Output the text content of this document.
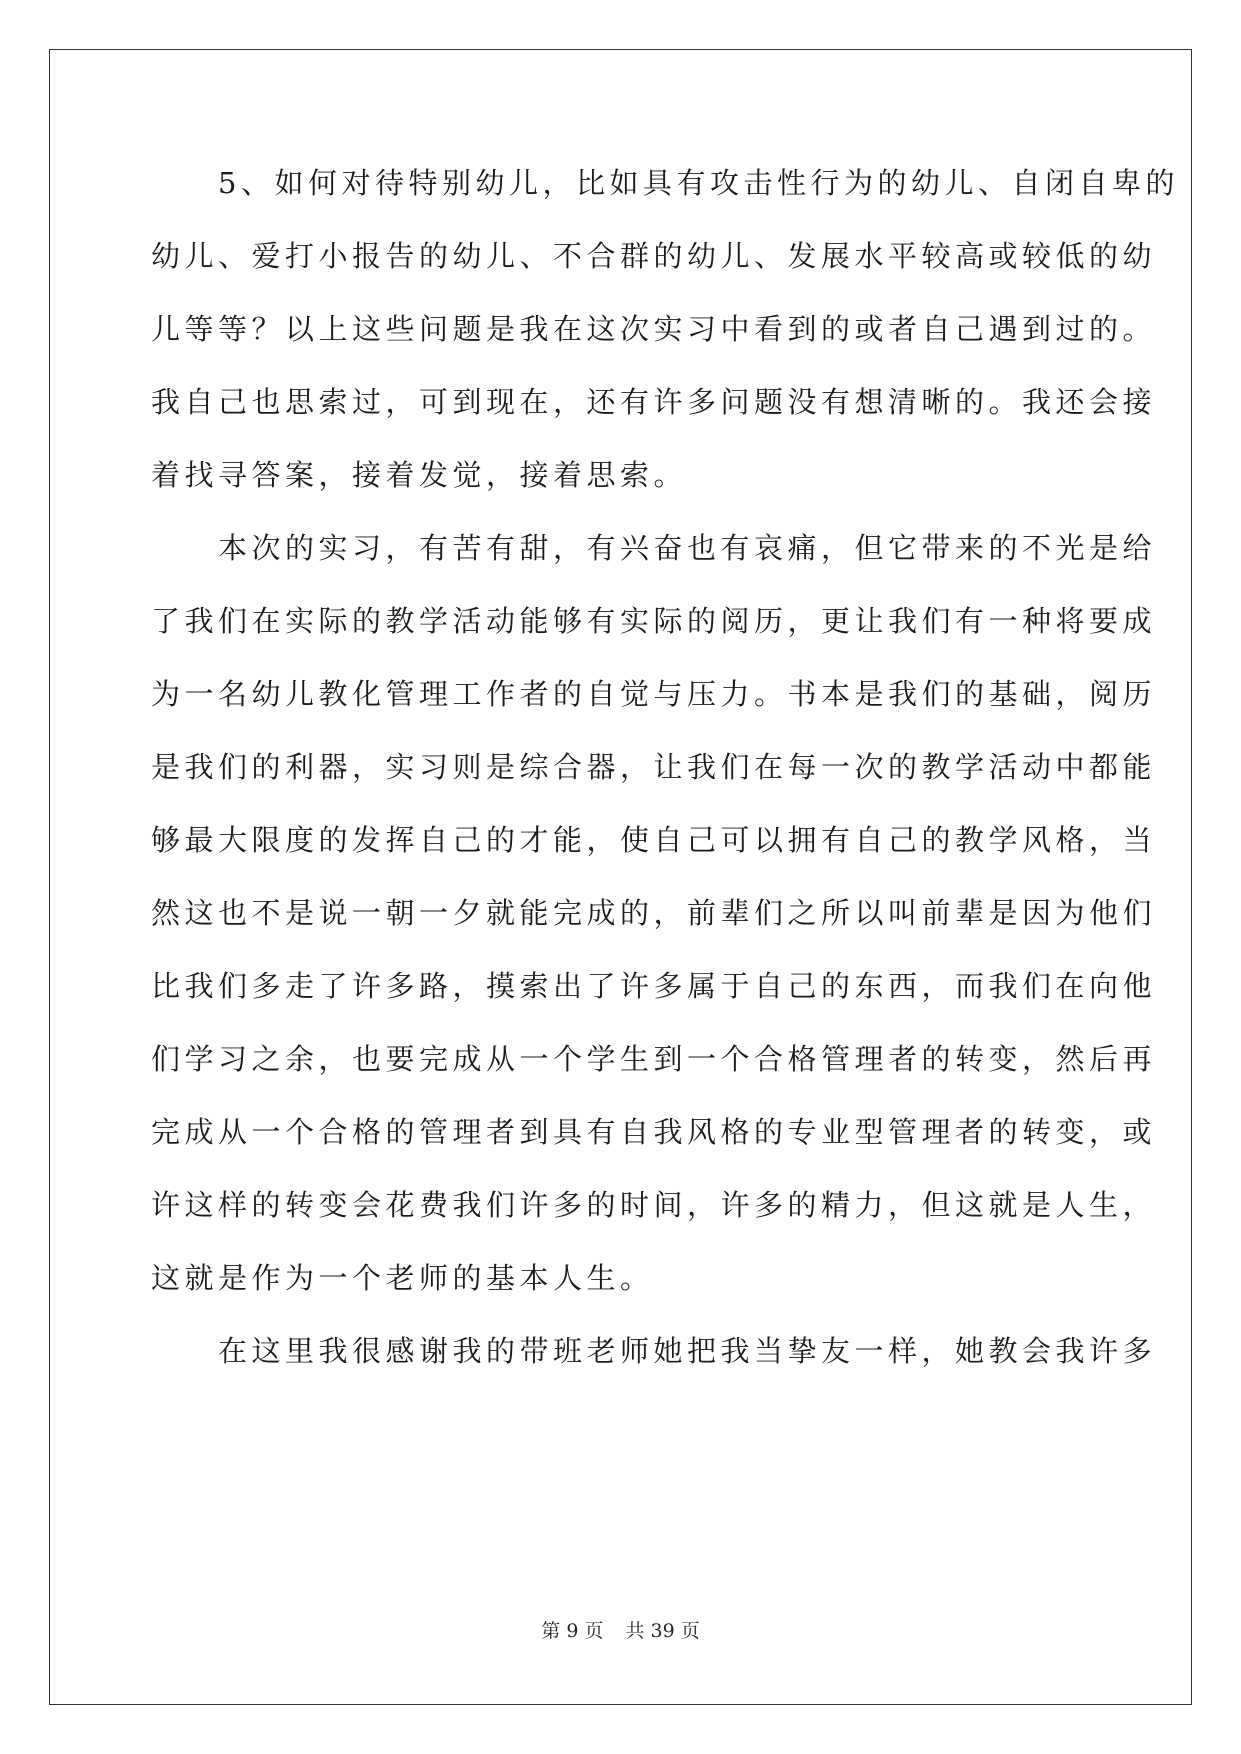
　　5、如何对待特别幼儿，比如具有攻击性行为的幼儿、自闭自卑的
幼儿、爱打小报告的幼儿、不合群的幼儿、发展水平较高或较低的幼
儿等等？以上这些问题是我在这次实习中看到的或者自己遇到过的。
我自己也思索过，可到现在，还有许多问题没有想清晰的。我还会接
着找寻答案，接着发觉，接着思索。
　　本次的实习，有苦有甜，有兴奋也有哀痛，但它带来的不光是给
了我们在实际的教学活动能够有实际的阅历，更让我们有一种将要成
为一名幼儿教化管理工作者的自觉与压力。书本是我们的基础，阅历
是我们的利器，实习则是综合器，让我们在每一次的教学活动中都能
够最大限度的发挥自己的才能，使自己可以拥有自己的教学风格，当
然这也不是说一朝一夕就能完成的，前辈们之所以叫前辈是因为他们
比我们多走了许多路，摸索出了许多属于自己的东西，而我们在向他
们学习之余，也要完成从一个学生到一个合格管理者的转变，然后再
完成从一个合格的管理者到具有自我风格的专业型管理者的转变，或
许这样的转变会花费我们许多的时间，许多的精力，但这就是人生，
这就是作为一个老师的基本人生。
　　在这里我很感谢我的带班老师她把我当挚友一样，她教会我许多
第 9 页 共 39 页
